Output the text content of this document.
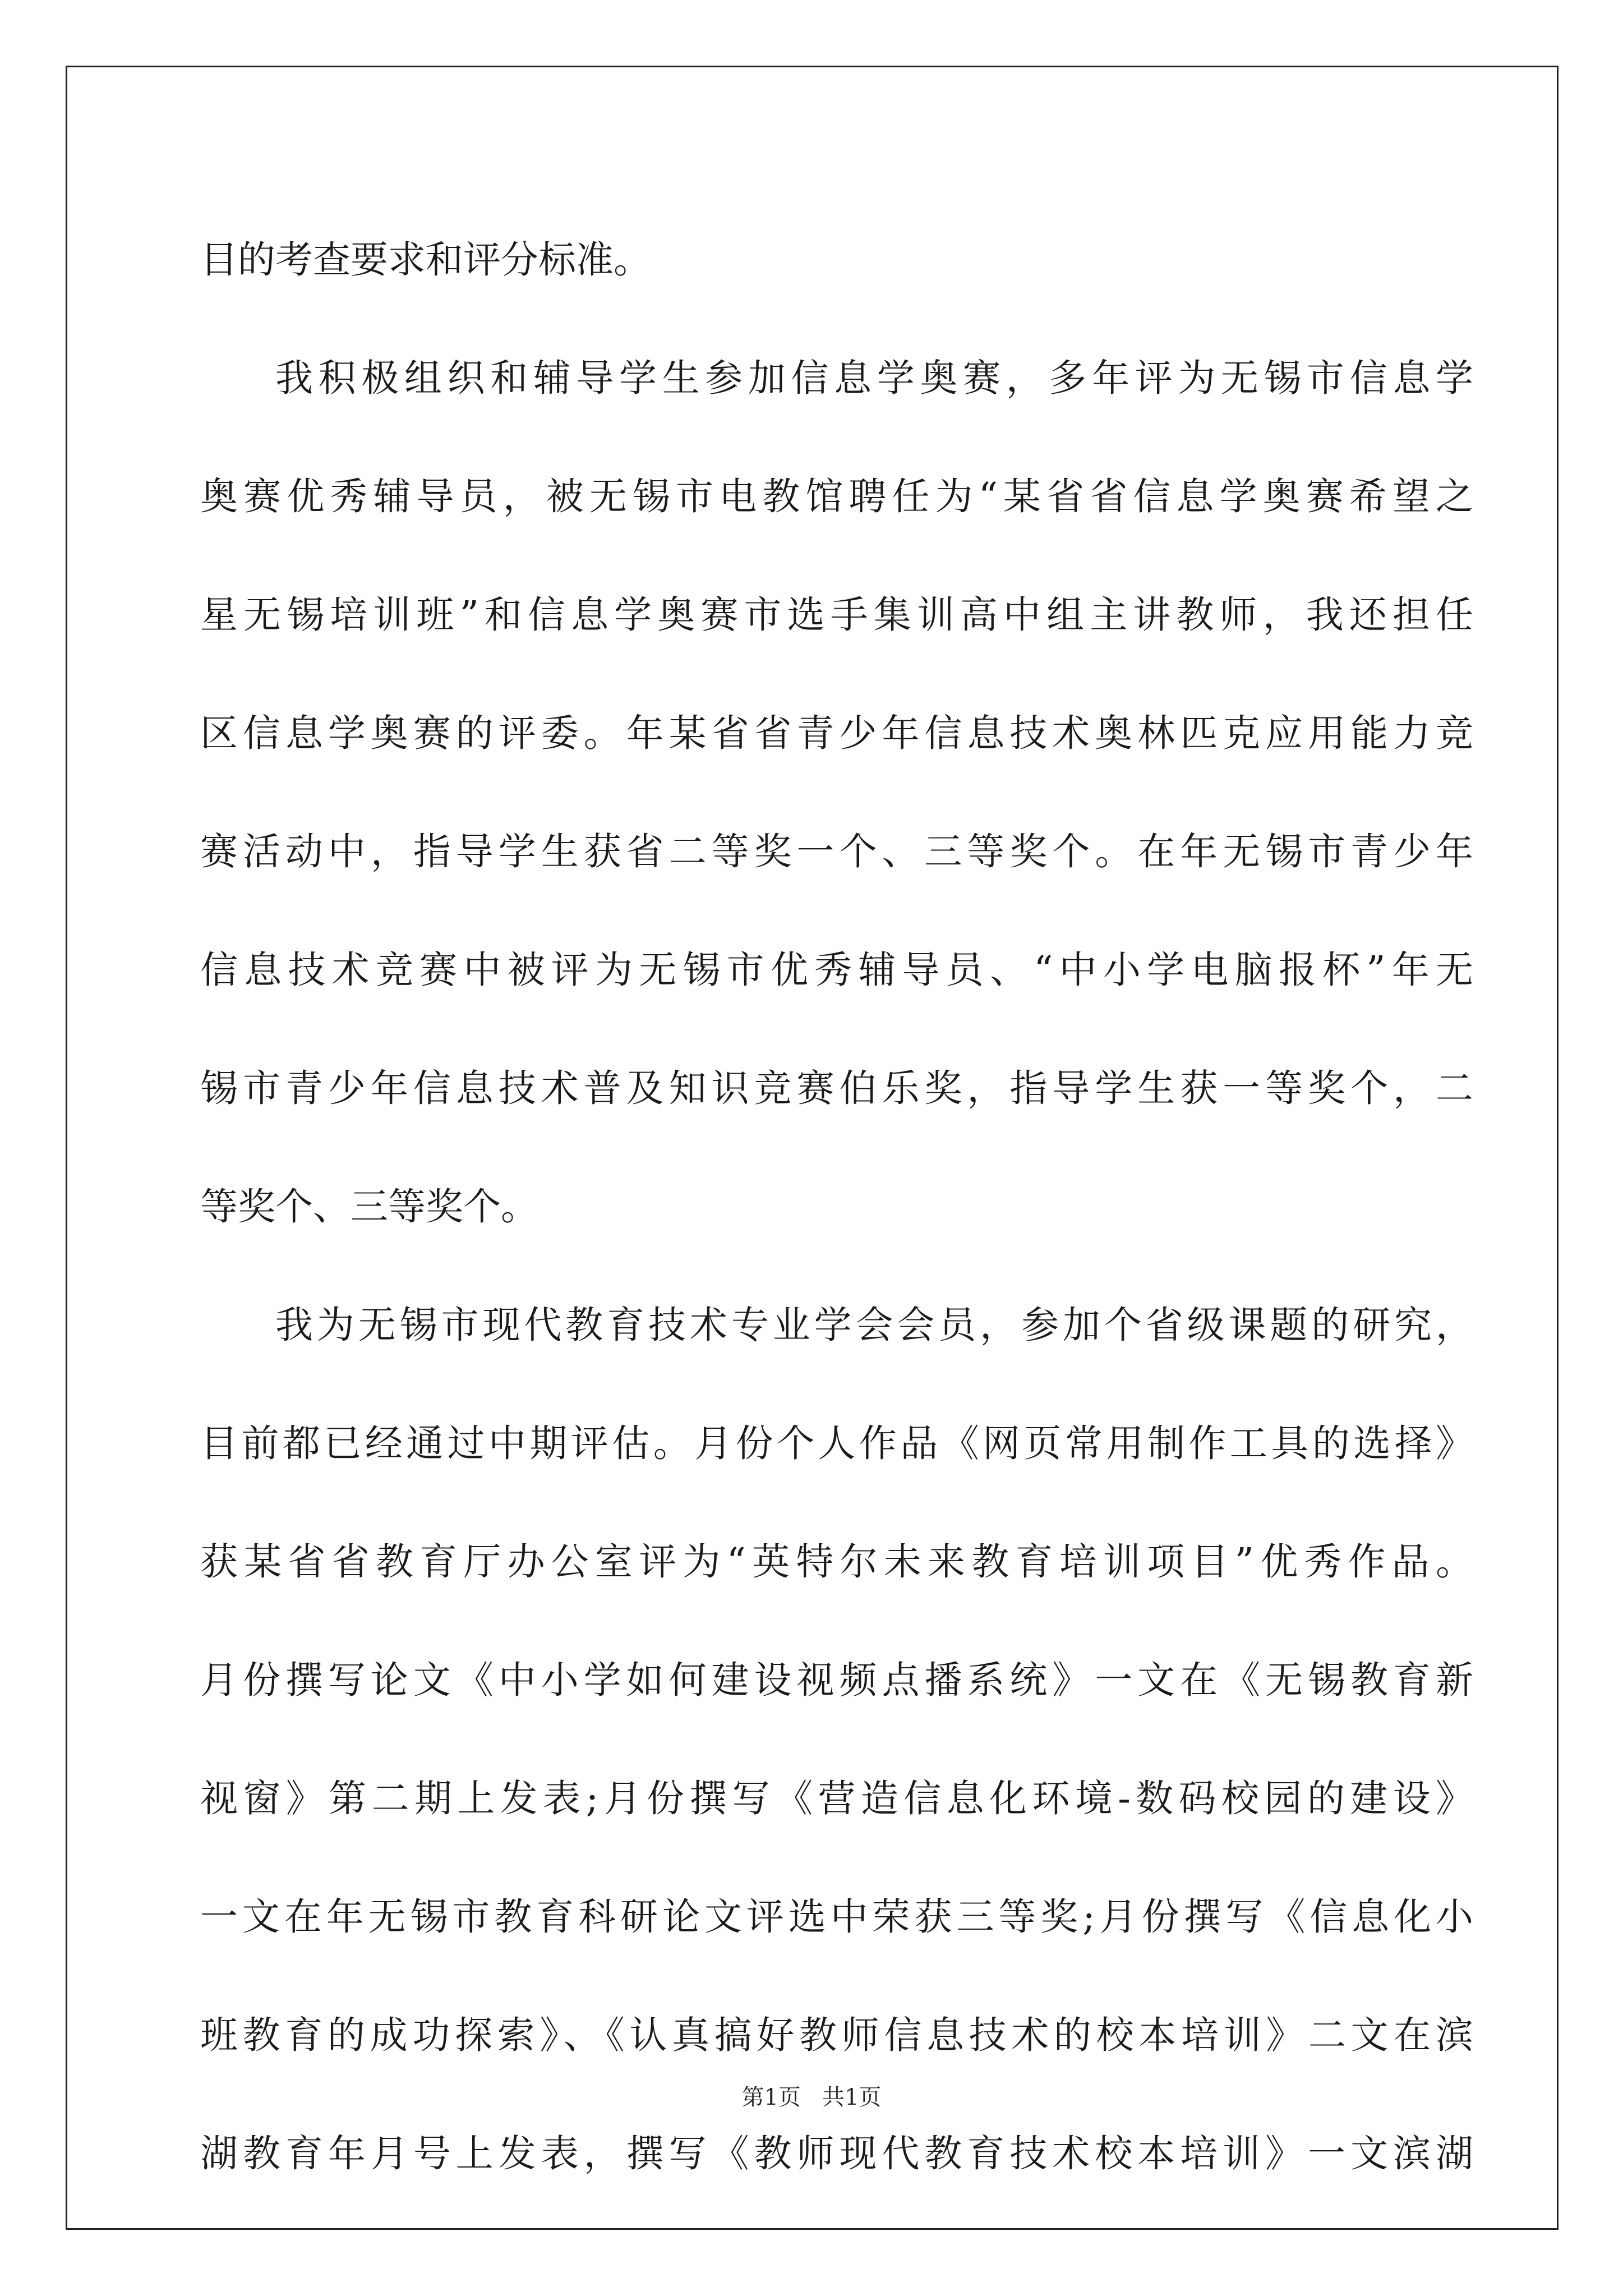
目的考查要求和评分标准。
我积极组织和辅导学生参加信息学奥赛，多年评为无锡市信息学
奥赛优秀辅导员，被无锡市电教馆聘任为“某省省信息学奥赛希望之
星无锡培训班”和信息学奥赛市选手集训高中组主讲教师，我还担任
区信息学奥赛的评委。年某省省青少年信息技术奥林匹克应用能力竞
赛活动中，指导学生获省二等奖一个、三等奖个。在年无锡市青少年
信息技术竞赛中被评为无锡市优秀辅导员、“中小学电脑报杯”年无
锡市青少年信息技术普及知识竞赛伯乐奖，指导学生获一等奖个，二
等奖个、三等奖个。
我为无锡市现代教育技术专业学会会员，参加个省级课题的研究，
目前都已经通过中期评估。月份个人作品《网页常用制作工具的选择》
获某省省教育厅办公室评为“英特尔未来教育培训项目”优秀作品。
月份撰写论文《中小学如何建设视频点播系统》一文在《无锡教育新
视窗》第二期上发表;月份撰写《营造信息化环境-数码校园的建设》
一文在年无锡市教育科研论文评选中荣获三等奖;月份撰写《信息化小
班教育的成功探索》、《认真搞好教师信息技术的校本培训》二文在滨
湖教育年月号上发表，撰写《教师现代教育技术校本培训》一文滨湖
第1页   共1页
